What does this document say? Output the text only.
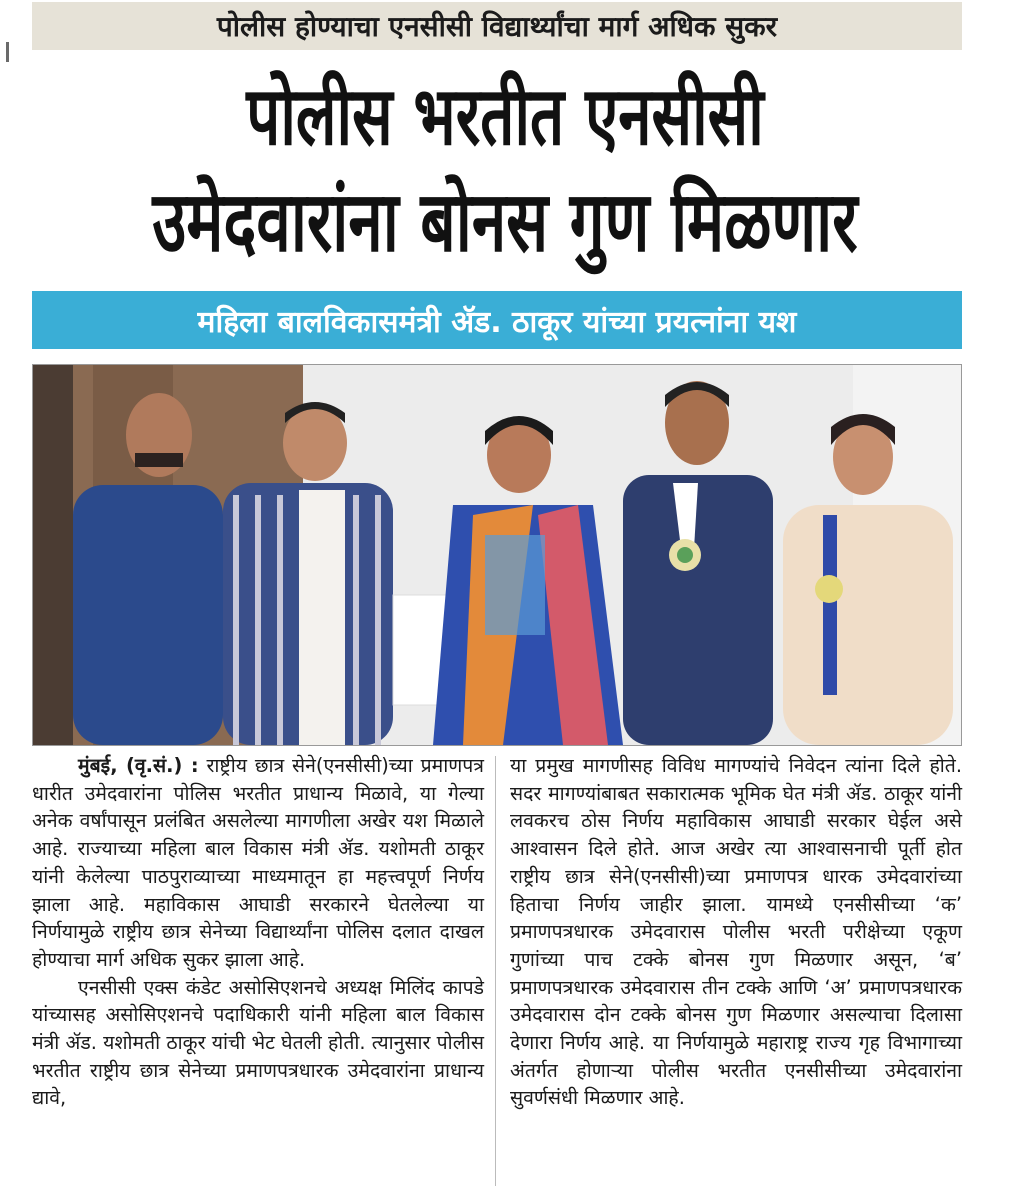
पोलीस होण्याचा एनसीसी विद्यार्थ्यांचा मार्ग अधिक सुकर
पोलीस भरतीत एनसीसी
उमेदवारांना बोनस गुण मिळणार
महिला बालविकासमंत्री ॲड. ठाकूर यांच्या प्रयत्नांना यश

मुंबई, (वृ.सं.) : राष्ट्रीय छात्र सेने(एनसीसी)च्या प्रमाणपत्र धारीत उमेदवारांना पोलिस भरतीत प्राधान्य मिळावे, या गेल्या अनेक वर्षांपासून प्रलंबित असलेल्या मागणीला अखेर यश मिळाले आहे. राज्याच्या महिला बाल विकास मंत्री ॲड. यशोमती ठाकूर यांनी केलेल्या पाठपुराव्याच्या माध्यमातून हा महत्त्वपूर्ण निर्णय झाला आहे. महाविकास आघाडी सरकारने घेतलेल्या या निर्णयामुळे राष्ट्रीय छात्र सेनेच्या विद्यार्थ्यांना पोलिस दलात दाखल होण्याचा मार्ग अधिक सुकर झाला आहे.

एनसीसी एक्स कंडेट असोसिएशनचे अध्यक्ष मिलिंद कापडे यांच्यासह असोसिएशनचे पदाधिकारी यांनी महिला बाल विकास मंत्री ॲड. यशोमती ठाकूर यांची भेट घेतली होती. त्यानुसार पोलीस भरतीत राष्ट्रीय छात्र सेनेच्या प्रमाणपत्रधारक उमेदवारांना प्राधान्य द्यावे,

या प्रमुख मागणीसह विविध मागण्यांचे निवेदन त्यांना दिले होते. सदर मागण्यांबाबत सकारात्मक भूमिक घेत मंत्री ॲड. ठाकूर यांनी लवकरच ठोस निर्णय महाविकास आघाडी सरकार घेईल असे आश्वासन दिले होते. आज अखेर त्या आश्वासनाची पूर्ती होत राष्ट्रीय छात्र सेने(एनसीसी)च्या प्रमाणपत्र धारक उमेदवारांच्या हिताचा निर्णय जाहीर झाला. यामध्ये एनसीसीच्या ‘क’ प्रमाणपत्रधारक उमेदवारास पोलीस भरती परीक्षेच्या एकूण गुणांच्या पाच टक्के बोनस गुण मिळणार असून, ‘ब’ प्रमाणपत्रधारक उमेदवारास तीन टक्के आणि ‘अ’ प्रमाणपत्रधारक उमेदवारास दोन टक्के बोनस गुण मिळणार असल्याचा दिलासा देणारा निर्णय आहे. या निर्णयामुळे महाराष्ट्र राज्य गृह विभागाच्या अंतर्गत होणाऱ्या पोलीस भरतीत एनसीसीच्या उमेदवारांना सुवर्णसंधी मिळणार आहे.
